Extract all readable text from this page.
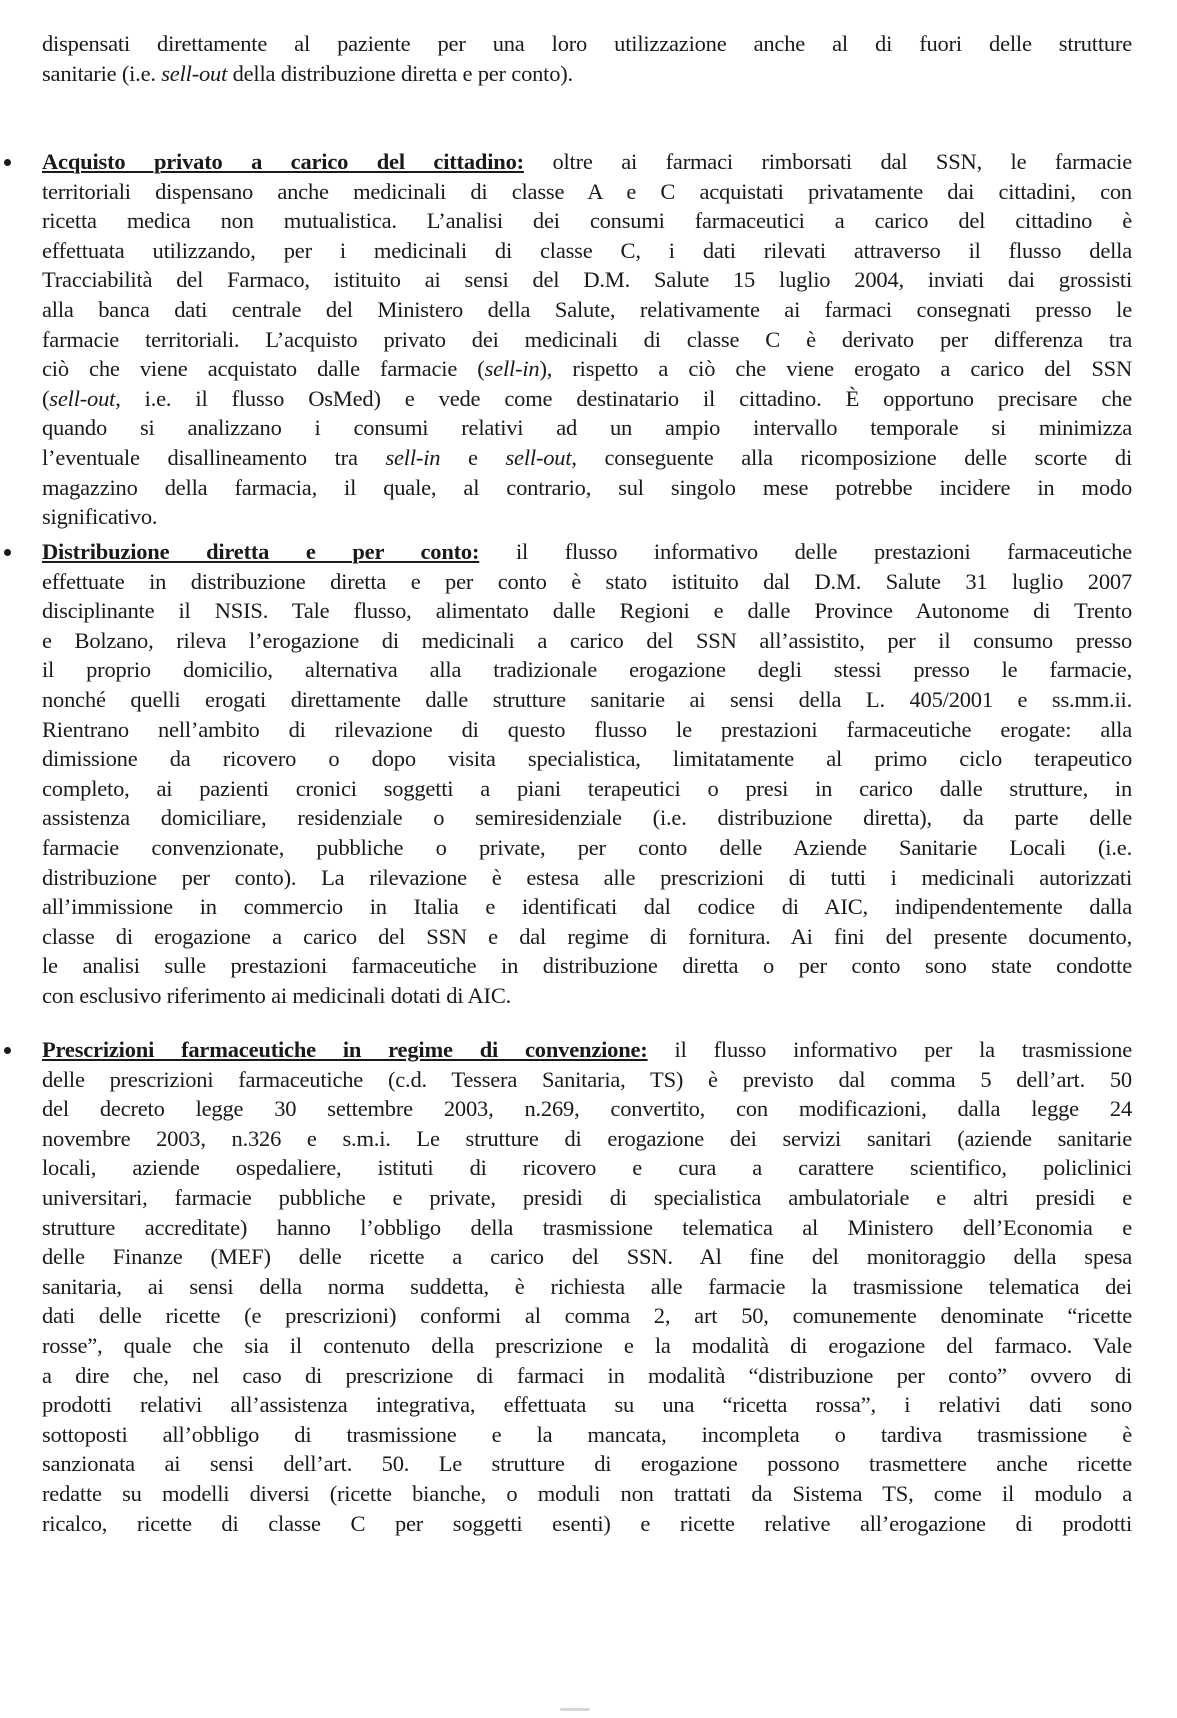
dispensati direttamente al paziente per una loro utilizzazione anche al di fuori delle strutture
sanitarie (i.e. sell-out della distribuzione diretta e per conto).
Acquisto privato a carico del cittadino: oltre ai farmaci rimborsati dal SSN, le farmacie
territoriali dispensano anche medicinali di classe A e C acquistati privatamente dai cittadini, con
ricetta medica non mutualistica. L’analisi dei consumi farmaceutici a carico del cittadino è
effettuata utilizzando, per i medicinali di classe C, i dati rilevati attraverso il flusso della
Tracciabilità del Farmaco, istituito ai sensi del D.M. Salute 15 luglio 2004, inviati dai grossisti
alla banca dati centrale del Ministero della Salute, relativamente ai farmaci consegnati presso le
farmacie territoriali. L’acquisto privato dei medicinali di classe C è derivato per differenza tra
ciò che viene acquistato dalle farmacie (sell-in), rispetto a ciò che viene erogato a carico del SSN
(sell-out, i.e. il flusso OsMed) e vede come destinatario il cittadino. È opportuno precisare che
quando si analizzano i consumi relativi ad un ampio intervallo temporale si minimizza
l’eventuale disallineamento tra sell-in e sell-out, conseguente alla ricomposizione delle scorte di
magazzino della farmacia, il quale, al contrario, sul singolo mese potrebbe incidere in modo
significativo.
Distribuzione diretta e per conto: il flusso informativo delle prestazioni farmaceutiche
effettuate in distribuzione diretta e per conto è stato istituito dal D.M. Salute 31 luglio 2007
disciplinante il NSIS. Tale flusso, alimentato dalle Regioni e dalle Province Autonome di Trento
e Bolzano, rileva l’erogazione di medicinali a carico del SSN all’assistito, per il consumo presso
il proprio domicilio, alternativa alla tradizionale erogazione degli stessi presso le farmacie,
nonché quelli erogati direttamente dalle strutture sanitarie ai sensi della L. 405/2001 e ss.mm.ii.
Rientrano nell’ambito di rilevazione di questo flusso le prestazioni farmaceutiche erogate: alla
dimissione da ricovero o dopo visita specialistica, limitatamente al primo ciclo terapeutico
completo, ai pazienti cronici soggetti a piani terapeutici o presi in carico dalle strutture, in
assistenza domiciliare, residenziale o semiresidenziale (i.e. distribuzione diretta), da parte delle
farmacie convenzionate, pubbliche o private, per conto delle Aziende Sanitarie Locali (i.e.
distribuzione per conto). La rilevazione è estesa alle prescrizioni di tutti i medicinali autorizzati
all’immissione in commercio in Italia e identificati dal codice di AIC, indipendentemente dalla
classe di erogazione a carico del SSN e dal regime di fornitura. Ai fini del presente documento,
le analisi sulle prestazioni farmaceutiche in distribuzione diretta o per conto sono state condotte
con esclusivo riferimento ai medicinali dotati di AIC.
Prescrizioni farmaceutiche in regime di convenzione: il flusso informativo per la trasmissione
delle prescrizioni farmaceutiche (c.d. Tessera Sanitaria, TS) è previsto dal comma 5 dell’art. 50
del decreto legge 30 settembre 2003, n.269, convertito, con modificazioni, dalla legge 24
novembre 2003, n.326 e s.m.i. Le strutture di erogazione dei servizi sanitari (aziende sanitarie
locali, aziende ospedaliere, istituti di ricovero e cura a carattere scientifico, policlinici
universitari, farmacie pubbliche e private, presidi di specialistica ambulatoriale e altri presidi e
strutture accreditate) hanno l’obbligo della trasmissione telematica al Ministero dell’Economia e
delle Finanze (MEF) delle ricette a carico del SSN. Al fine del monitoraggio della spesa
sanitaria, ai sensi della norma suddetta, è richiesta alle farmacie la trasmissione telematica dei
dati delle ricette (e prescrizioni) conformi al comma 2, art 50, comunemente denominate “ricette
rosse”, quale che sia il contenuto della prescrizione e la modalità di erogazione del farmaco. Vale
a dire che, nel caso di prescrizione di farmaci in modalità “distribuzione per conto” ovvero di
prodotti relativi all’assistenza integrativa, effettuata su una “ricetta rossa”, i relativi dati sono
sottoposti all’obbligo di trasmissione e la mancata, incompleta o tardiva trasmissione è
sanzionata ai sensi dell’art. 50. Le strutture di erogazione possono trasmettere anche ricette
redatte su modelli diversi (ricette bianche, o moduli non trattati da Sistema TS, come il modulo a
ricalco, ricette di classe C per soggetti esenti) e ricette relative all’erogazione di prodotti
